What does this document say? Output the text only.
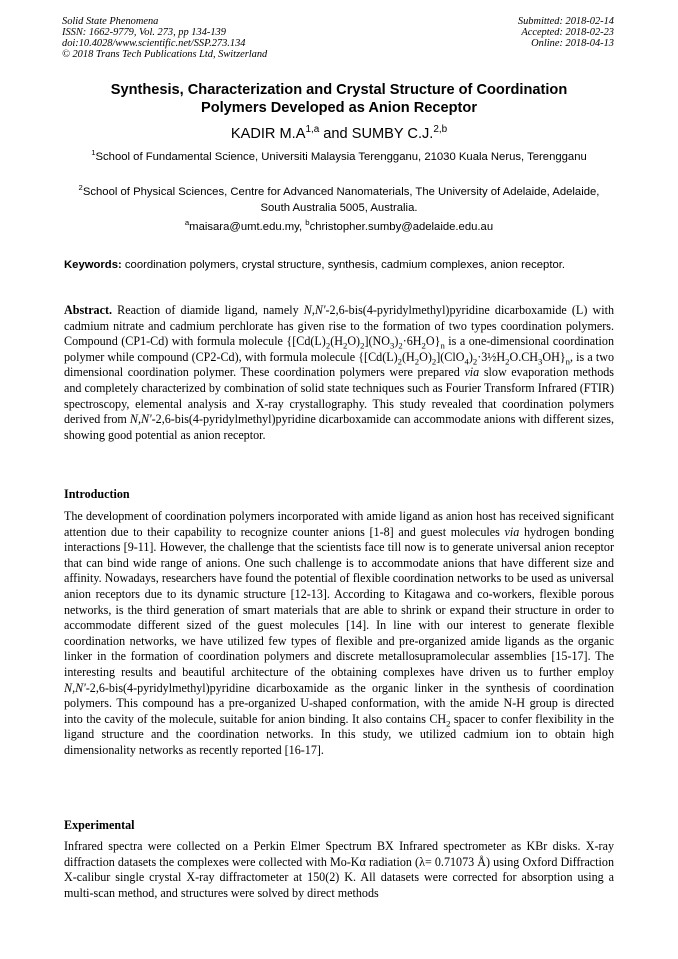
Solid State Phenomena
ISSN: 1662-9779, Vol. 273, pp 134-139
doi:10.4028/www.scientific.net/SSP.273.134
© 2018 Trans Tech Publications Ltd, Switzerland
Submitted: 2018-02-14
Accepted: 2018-02-23
Online: 2018-04-13
Synthesis, Characterization and Crystal Structure of Coordination
Polymers Developed as Anion Receptor
KADIR $M.A^{1,a}$ and SUMBY C.J.$^{2,b}$
$^1$School of Fundamental Science, Universiti Malaysia Terengganu, 21030 Kuala Nerus, Terengganu
$^2$School of Physical Sciences, Centre for Advanced Nanomaterials, The University of Adelaide, Adelaide, South Australia 5005, Australia.
$^a$maisara@umt.edu.my, $^b$christopher.sumby@adelaide.edu.au
Keywords: coordination polymers, crystal structure, synthesis, cadmium complexes, anion receptor.
Abstract. Reaction of diamide ligand, namely N,N'-2,6-bis(4-pyridylmethyl)pyridine dicarboxamide (L) with cadmium nitrate and cadmium perchlorate has given rise to the formation of two types coordination polymers. Compound (CP1-Cd) with formula molecule $\{[Cd(L)_2(H_2O)_2](NO_3)_2\cdot 6H_2O\}_n$ is a one-dimensional coordination polymer while compound (CP2-Cd), with formula molecule $\{[Cd(L)_2(H_2O)_2](ClO_4)_2\cdot 3\frac{1}{2}H_2O.CH_3OH\}_n$, is a two dimensional coordination polymer. These coordination polymers were prepared via slow evaporation methods and completely characterized by combination of solid state techniques such as Fourier Transform Infrared (FTIR) spectroscopy, elemental analysis and X-ray crystallography. This study revealed that coordination polymers derived from N,N'-2,6-bis(4-pyridylmethyl)pyridine dicarboxamide can accommodate anions with different sizes, showing good potential as anion receptor.
Introduction
The development of coordination polymers incorporated with amide ligand as anion host has received significant attention due to their capability to recognize counter anions [1-8] and guest molecules via hydrogen bonding interactions [9-11]. However, the challenge that the scientists face till now is to generate universal anion receptor that can bind wide range of anions. One such challenge is to accommodate anions that have different size and affinity. Nowadays, researchers have found the potential of flexible coordination networks to be used as universal anion receptors due to its dynamic structure [12-13]. According to Kitagawa and co-workers, flexible porous networks, is the third generation of smart materials that are able to shrink or expand their structure in order to accommodate different sized of the guest molecules [14]. In line with our interest to generate flexible coordination networks, we have utilized few types of flexible and pre-organized amide ligands as the organic linker in the formation of coordination polymers and discrete metallosupramolecular assemblies [15-17]. The interesting results and beautiful architecture of the obtaining complexes have driven us to further employ N,N'-2,6-bis(4-pyridylmethyl)pyridine dicarboxamide as the organic linker in the synthesis of coordination polymers. This compound has a pre-organized U-shaped conformation, with the amide N-H group is directed into the cavity of the molecule, suitable for anion binding. It also contains $CH_2$ spacer to confer flexibility in the ligand structure and the coordination networks. In this study, we utilized cadmium ion to obtain high dimensionality networks as recently reported [16-17].
Experimental
Infrared spectra were collected on a Perkin Elmer Spectrum BX Infrared spectrometer as KBr disks. X-ray diffraction datasets the complexes were collected with Mo-Kα radiation (λ= 0.71073 Å) using Oxford Diffraction X-calibur single crystal X-ray diffractometer at 150(2) K. All datasets were corrected for absorption using a multi-scan method, and structures were solved by direct methods
